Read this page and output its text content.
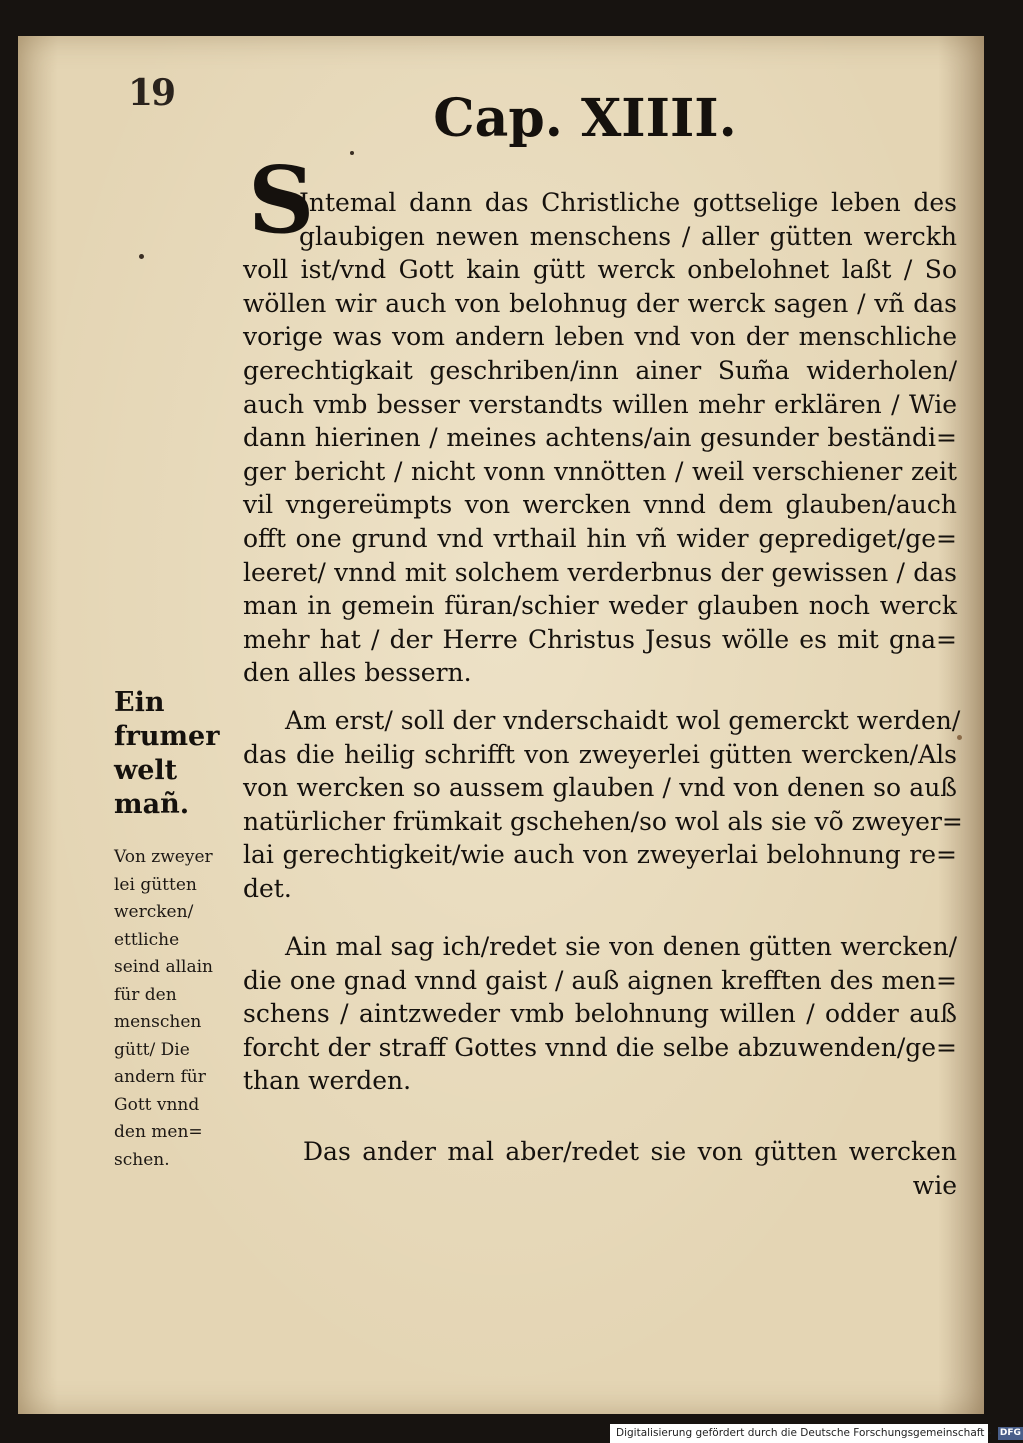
19	Cap. XIIII.
S
Intemal dann das Christliche gottselige leben des
glaubigen newen menschens / aller gütten werckh
voll ist/vnd Gott kain gütt werck onbelohnet laßt / So
wöllen wir auch von belohnug der werck sagen / vñ das
vorige was vom andern leben vnd von der menschliche
gerechtigkait geschriben/inn ainer Sum̃a widerholen/
auch vmb besser verstandts willen mehr erklären / Wie
dann hierinen / meines achtens/ain gesunder beständi=
ger bericht / nicht vonn vnnötten / weil verschiener zeit
vil vngereümpts von wercken vnnd dem glauben/auch
offt one grund vnd vrthail hin vñ wider geprediget/ge=
leeret/ vnnd mit solchem verderbnus der gewissen / das
man in gemein füran/schier weder glauben noch werck
mehr hat / der Herre Christus Jesus wölle es mit gna=
den alles bessern.
Am erst/ soll der vnderschaidt wol gemerckt werden/
das die heilig schrifft von zweyerlei gütten wercken/Als
von wercken so aussem glauben / vnd von denen so auß
natürlicher frümkait gschehen/so wol als sie võ zweyer=
lai gerechtigkeit/wie auch von zweyerlai belohnung re=
det.
Ain mal sag ich/redet sie von denen gütten wercken/
die one gnad vnnd gaist / auß aignen krefften des men=
schens / aintzweder vmb belohnung willen / odder auß
forcht der straff Gottes vnnd die selbe abzuwenden/ge=
than werden.
Das ander mal aber/redet sie von gütten wercken
wie
Ein
frumer
welt
mañ.
Von zweyer
lei gütten
wercken/
ettliche
seind allain
für den
menschen
gütt/ Die
andern für
Gott vnnd
den men=
schen.
Digitalisierung gefördert durch die Deutsche Forschungsgemeinschaft - DFG
